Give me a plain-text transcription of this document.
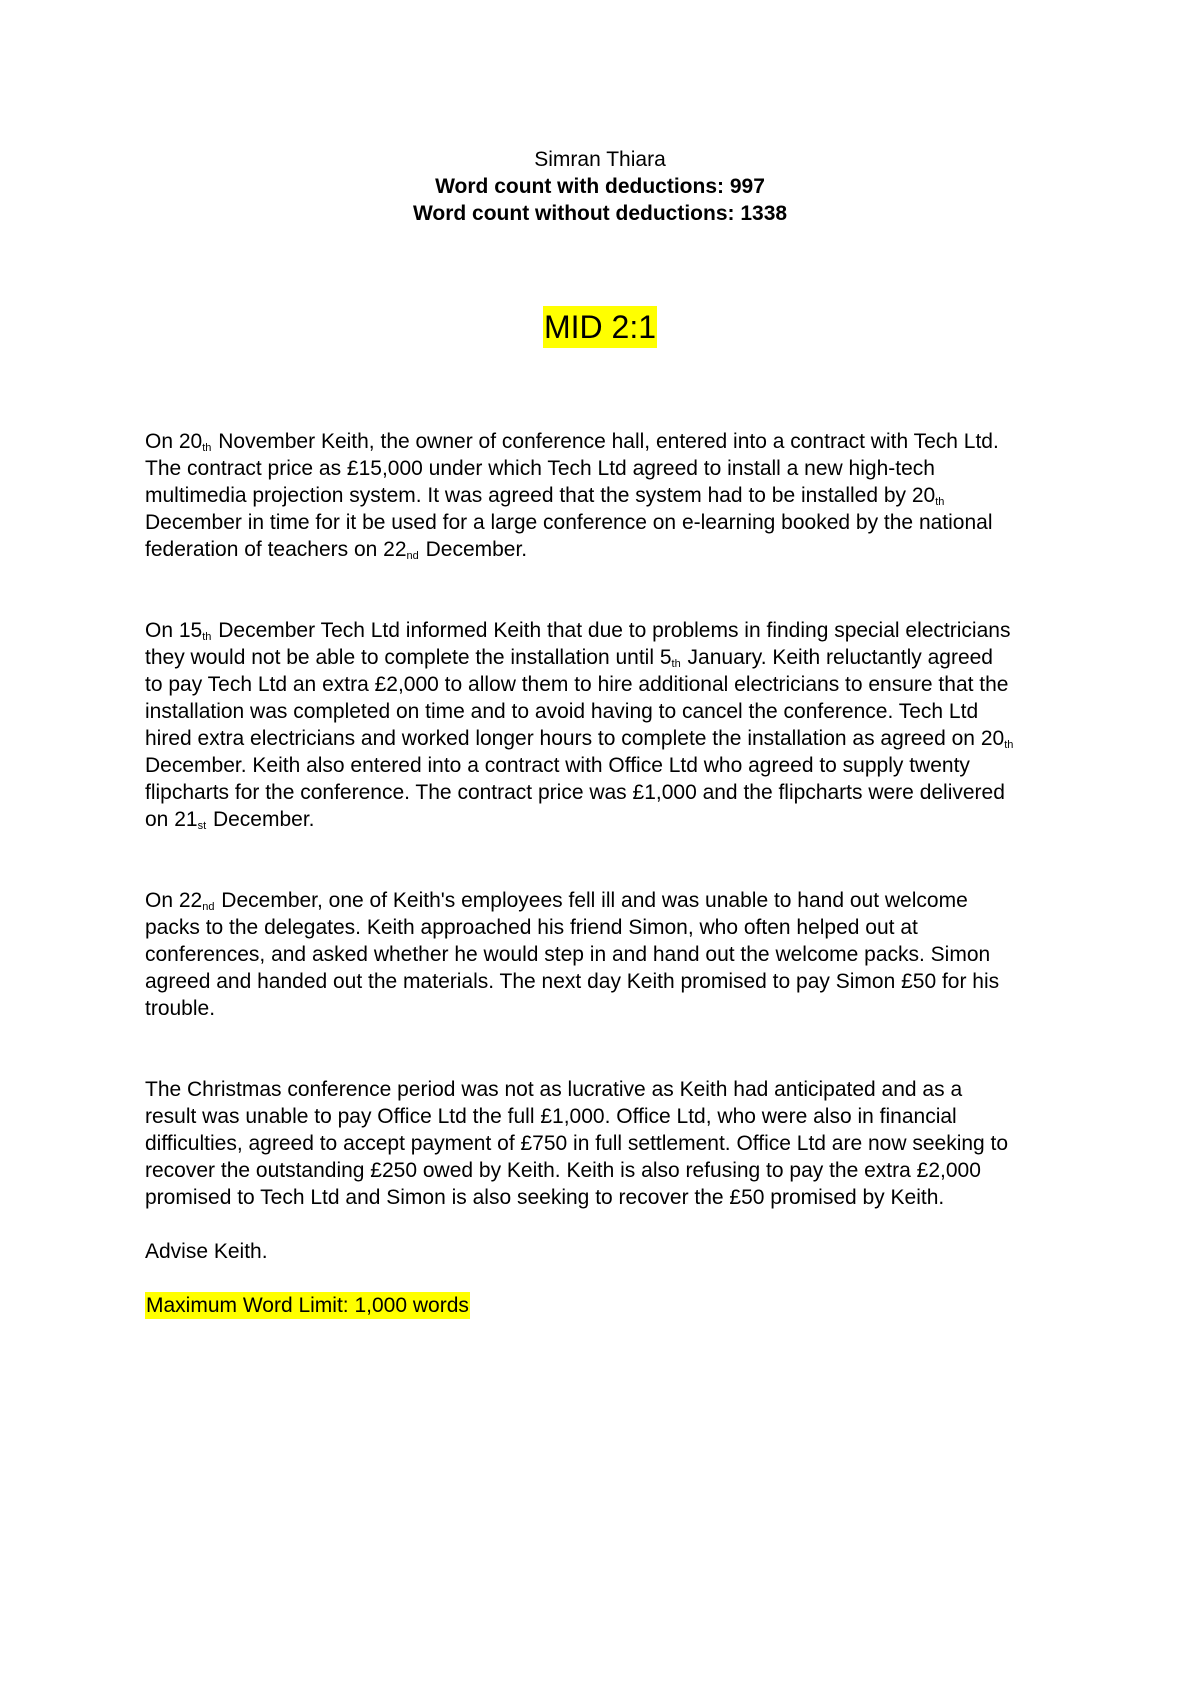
Simran Thiara
Word count with deductions: 997
Word count without deductions: 1338
MID 2:1

On $20_{th}$ November Keith, the owner of conference hall, entered into a contract with Tech Ltd. The contract price as £15,000 under which Tech Ltd agreed to install a new high-tech multimedia projection system. It was agreed that the system had to be installed by $20_{th}$ December in time for it be used for a large conference on e-learning booked by the national federation of teachers on $22_{nd}$ December.

On $15_{th}$ December Tech Ltd informed Keith that due to problems in finding special electricians they would not be able to complete the installation until $5_{th}$ January. Keith reluctantly agreed to pay Tech Ltd an extra £2,000 to allow them to hire additional electricians to ensure that the installation was completed on time and to avoid having to cancel the conference. Tech Ltd hired extra electricians and worked longer hours to complete the installation as agreed on $20_{th}$ December. Keith also entered into a contract with Office Ltd who agreed to supply twenty flipcharts for the conference. The contract price was £1,000 and the flipcharts were delivered on $21_{st}$ December.

On $22_{nd}$ December, one of Keith's employees fell ill and was unable to hand out welcome packs to the delegates. Keith approached his friend Simon, who often helped out at conferences, and asked whether he would step in and hand out the welcome packs. Simon agreed and handed out the materials. The next day Keith promised to pay Simon £50 for his trouble.

The Christmas conference period was not as lucrative as Keith had anticipated and as a result was unable to pay Office Ltd the full £1,000. Office Ltd, who were also in financial difficulties, agreed to accept payment of £750 in full settlement. Office Ltd are now seeking to recover the outstanding £250 owed by Keith. Keith is also refusing to pay the extra £2,000 promised to Tech Ltd and Simon is also seeking to recover the £50 promised by Keith.

Advise Keith.

Maximum Word Limit: 1,000 words
